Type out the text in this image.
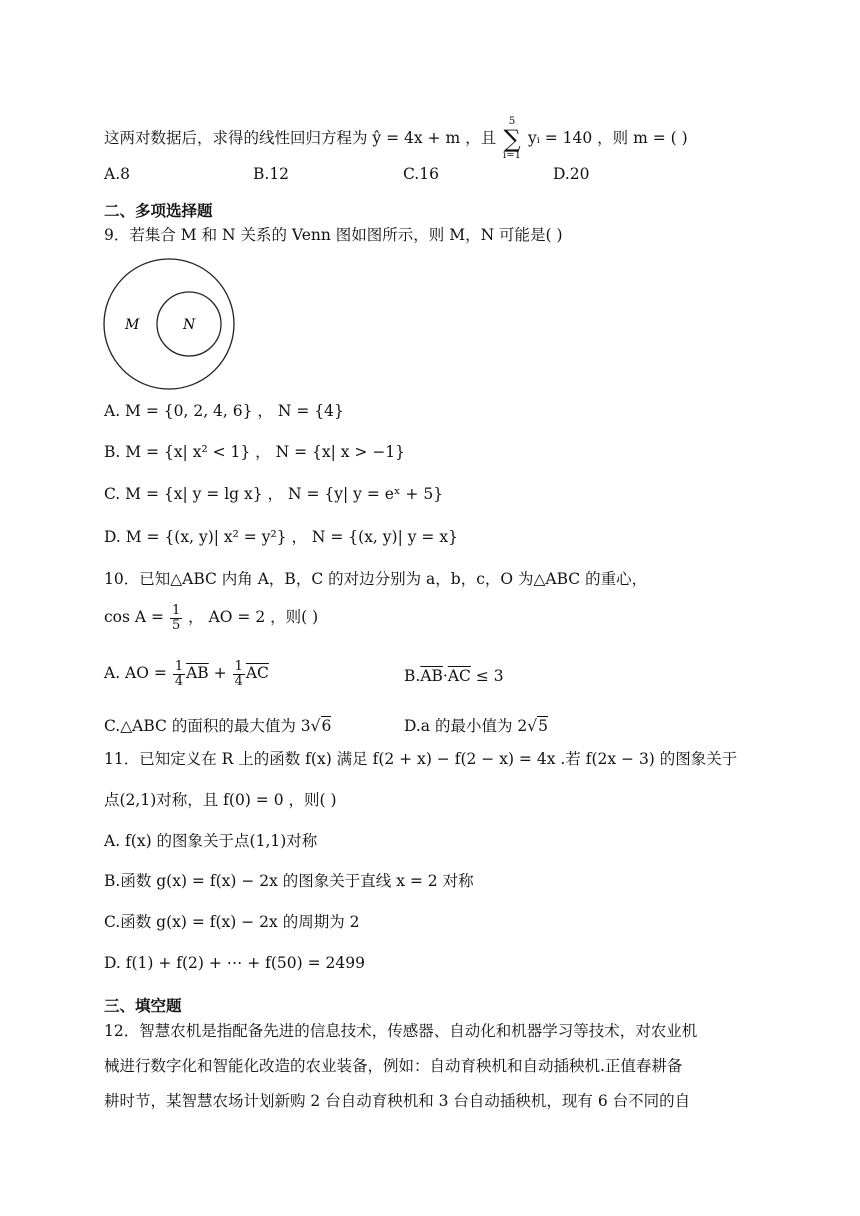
这两对数据后，求得的线性回归方程为 ŷ = 4x + m ，且 5
∑
i=1 yᵢ = 140 ，则 m = ( )
A.8	B.12	C.16	D.20
二、多项选择题
9．若集合 M 和 N 关系的 Venn 图如图所示，则 M，N 可能是( )
M	N
A. M = {0, 2, 4, 6} ， N = {4}
B. M = {x| x² < 1} ， N = {x| x > −1}
C. M = {x| y = lg x} ， N = {y| y = eˣ + 5}
D. M = {(x, y)| x² = y²} ， N = {(x, y)| y = x}
10．已知△ABC 内角 A，B，C 的对边分别为 a，b，c，O 为△ABC 的重心，
$\cos A = \frac{1}{5}$ ， AO = 2 ，则( )
A. AO = $\frac{1}{4} \overline{AB} + \frac{1}{4} \overline{AC}$	$B.\overline{AB}\cdot\overline{AC} \le 3$
C.△ABC 的面积的最大值为 3√6	D.a 的最小值为 2√5
11．已知定义在 R 上的函数 f(x) 满足 f(2 + x) − f(2 − x) = 4x .若 f(2x − 3) 的图象关于
点(2,1)对称，且 f(0) = 0 ，则( )
A. f(x) 的图象关于点(1,1)对称
B.函数 g(x) = f(x) − 2x 的图象关于直线 x = 2 对称
C.函数 g(x) = f(x) − 2x 的周期为 2
D. f(1) + f(2) + ⋯ + f(50) = 2499
三、填空题
12．智慧农机是指配备先进的信息技术，传感器、自动化和机器学习等技术，对农业机
械进行数字化和智能化改造的农业装备，例如：自动育秧机和自动插秧机.正值春耕备
耕时节，某智慧农场计划新购 2 台自动育秧机和 3 台自动插秧机，现有 6 台不同的自
